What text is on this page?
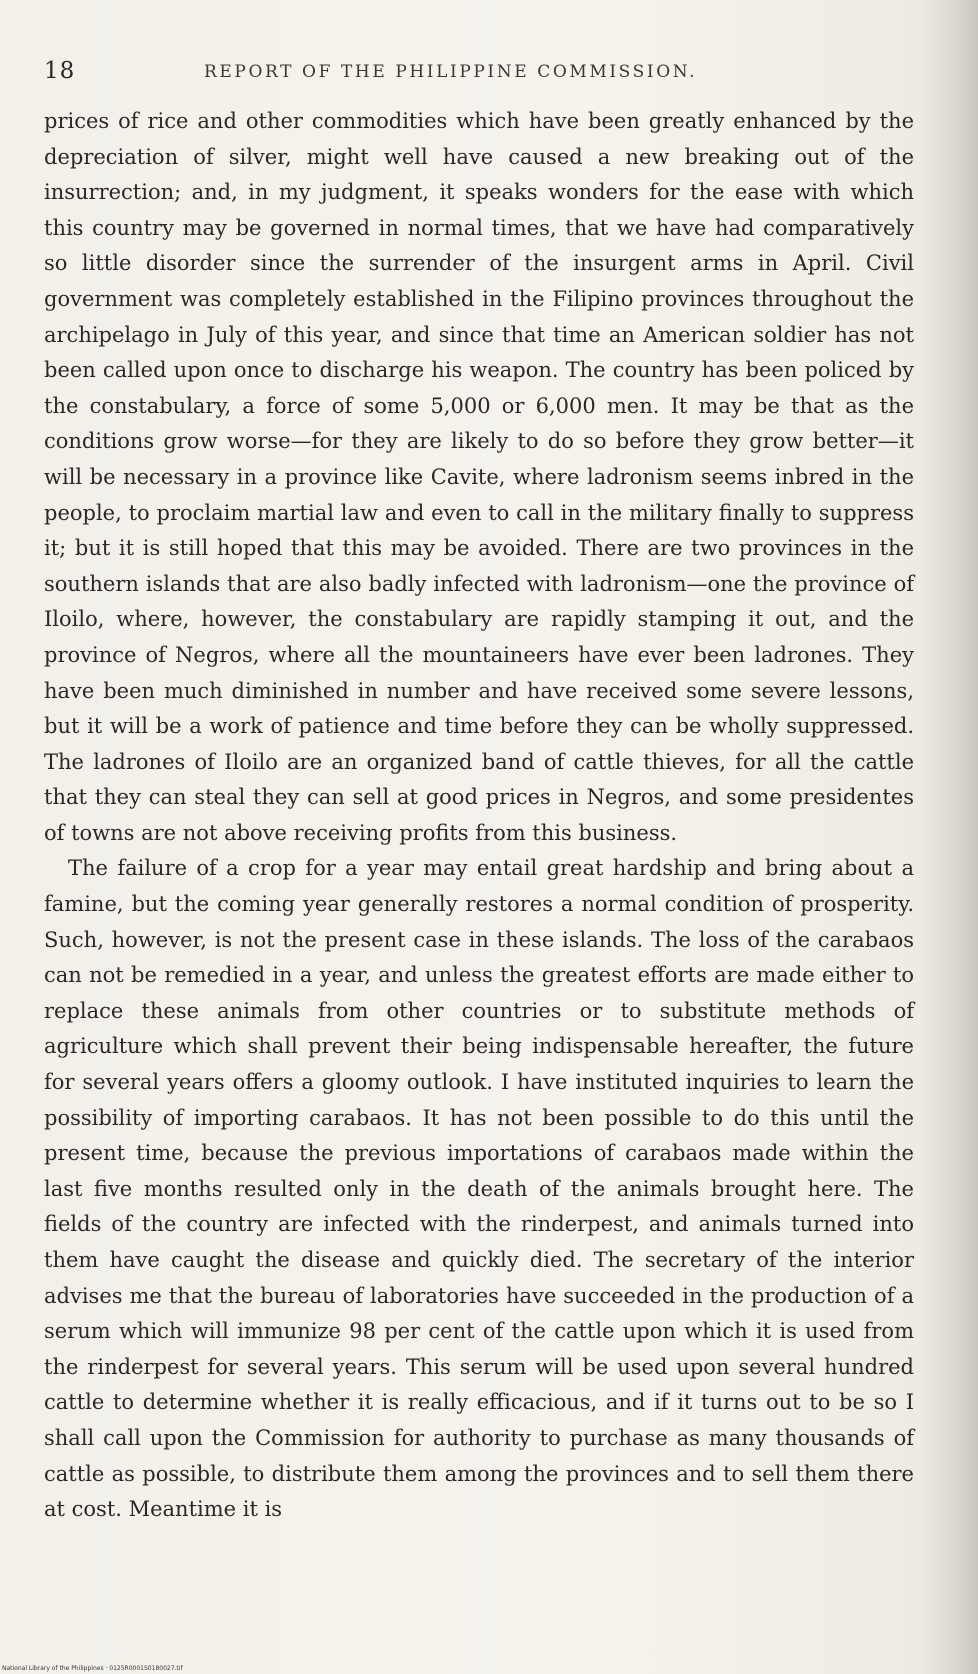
18	REPORT OF THE PHILIPPINE COMMISSION.

prices of rice and other commodities which have been greatly enhanced by the depreciation of silver, might well have caused a new breaking out of the insurrection; and, in my judgment, it speaks wonders for the ease with which this country may be governed in normal times, that we have had comparatively so little disorder since the surrender of the insurgent arms in April. Civil government was completely established in the Filipino provinces throughout the archipelago in July of this year, and since that time an American soldier has not been called upon once to discharge his weapon. The country has been policed by the constabulary, a force of some 5,000 or 6,000 men. It may be that as the conditions grow worse—for they are likely to do so before they grow better—it will be necessary in a province like Cavite, where ladronism seems inbred in the people, to proclaim martial law and even to call in the military finally to suppress it; but it is still hoped that this may be avoided. There are two provinces in the southern islands that are also badly infected with ladronism—one the province of Iloilo, where, however, the constabulary are rapidly stamping it out, and the province of Negros, where all the mountaineers have ever been ladrones. They have been much diminished in number and have received some severe lessons, but it will be a work of patience and time before they can be wholly suppressed. The ladrones of Iloilo are an organized band of cattle thieves, for all the cattle that they can steal they can sell at good prices in Negros, and some presidentes of towns are not above receiving profits from this business.

The failure of a crop for a year may entail great hardship and bring about a famine, but the coming year generally restores a normal condition of prosperity. Such, however, is not the present case in these islands. The loss of the carabaos can not be remedied in a year, and unless the greatest efforts are made either to replace these animals from other countries or to substitute methods of agriculture which shall prevent their being indispensable hereafter, the future for several years offers a gloomy outlook. I have instituted inquiries to learn the possibility of importing carabaos. It has not been possible to do this until the present time, because the previous importations of carabaos made within the last five months resulted only in the death of the animals brought here. The fields of the country are infected with the rinderpest, and animals turned into them have caught the disease and quickly died. The secretary of the interior advises me that the bureau of laboratories have succeeded in the production of a serum which will immunize 98 per cent of the cattle upon which it is used from the rinderpest for several years. This serum will be used upon several hundred cattle to determine whether it is really efficacious, and if it turns out to be so I shall call upon the Commission for authority to purchase as many thousands of cattle as possible, to distribute them among the provinces and to sell them there at cost. Meantime it is

National Library of the Philippines · 0125R0001S0180027.tif
